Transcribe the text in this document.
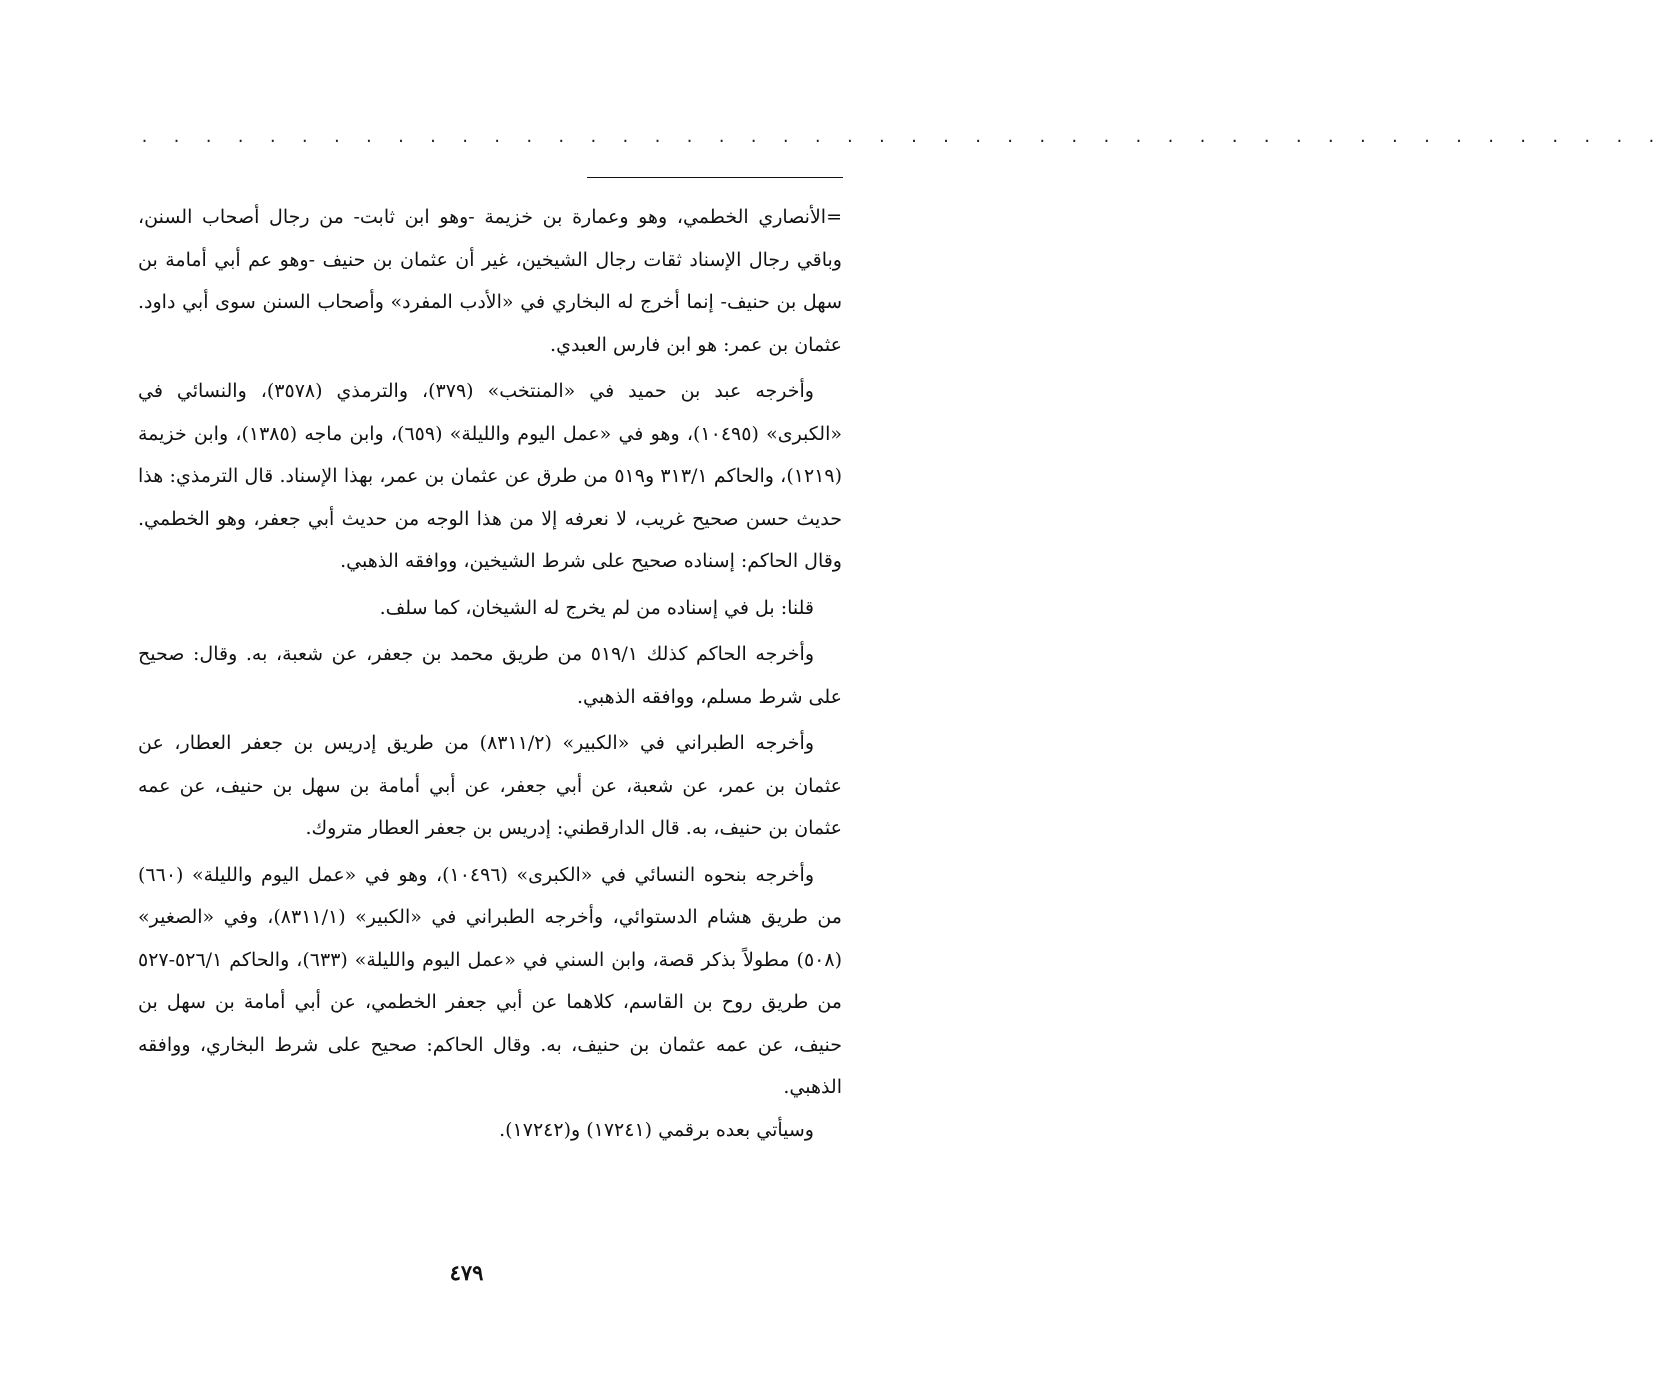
. . . . . . . . . . . . . . . . . . . . . . . . . . . . . . . . . . . . . . . . . . . . . . . .

=الأنصاري الخطمي، وهو وعمارة بن خزيمة -وهو ابن ثابت- من رجال أصحاب السنن، وباقي رجال الإسناد ثقات رجال الشيخين، غير أن عثمان بن حنيف -وهو عم أبي أمامة بن سهل بن حنيف- إنما أخرج له البخاري في «الأدب المفرد» وأصحاب السنن سوى أبي داود. عثمان بن عمر: هو ابن فارس العبدي.

وأخرجه عبد بن حميد في «المنتخب» (٣٧٩)، والترمذي (٣٥٧٨)، والنسائي في «الكبرى» (١٠٤٩٥)، وهو في «عمل اليوم والليلة» (٦٥٩)، وابن ماجه (١٣٨٥)، وابن خزيمة (١٢١٩)، والحاكم ٣١٣/١ و٥١٩ من طرق عن عثمان بن عمر، بهذا الإسناد. قال الترمذي: هذا حديث حسن صحيح غريب، لا نعرفه إلا من هذا الوجه من حديث أبي جعفر، وهو الخطمي. وقال الحاكم: إسناده صحيح على شرط الشيخين، ووافقه الذهبي.

قلنا: بل في إسناده من لم يخرج له الشيخان، كما سلف.

وأخرجه الحاكم كذلك ٥١٩/١ من طريق محمد بن جعفر، عن شعبة، به. وقال: صحيح على شرط مسلم، ووافقه الذهبي.

وأخرجه الطبراني في «الكبير» (٨٣١١/٢) من طريق إدريس بن جعفر العطار، عن عثمان بن عمر، عن شعبة، عن أبي جعفر، عن أبي أمامة بن سهل بن حنيف، عن عمه عثمان بن حنيف، به. قال الدارقطني: إدريس بن جعفر العطار متروك.

وأخرجه بنحوه النسائي في «الكبرى» (١٠٤٩٦)، وهو في «عمل اليوم والليلة» (٦٦٠) من طريق هشام الدستوائي، وأخرجه الطبراني في «الكبير» (٨٣١١/١)، وفي «الصغير» (٥٠٨) مطولاً بذكر قصة، وابن السني في «عمل اليوم والليلة» (٦٣٣)، والحاكم ٥٢٦/١-٥٢٧ من طريق روح بن القاسم، كلاهما عن أبي جعفر الخطمي، عن أبي أمامة بن سهل بن حنيف، عن عمه عثمان بن حنيف، به. وقال الحاكم: صحيح على شرط البخاري، ووافقه الذهبي.

وسيأتي بعده برقمي (١٧٢٤١) و(١٧٢٤٢).

٤٧٩
